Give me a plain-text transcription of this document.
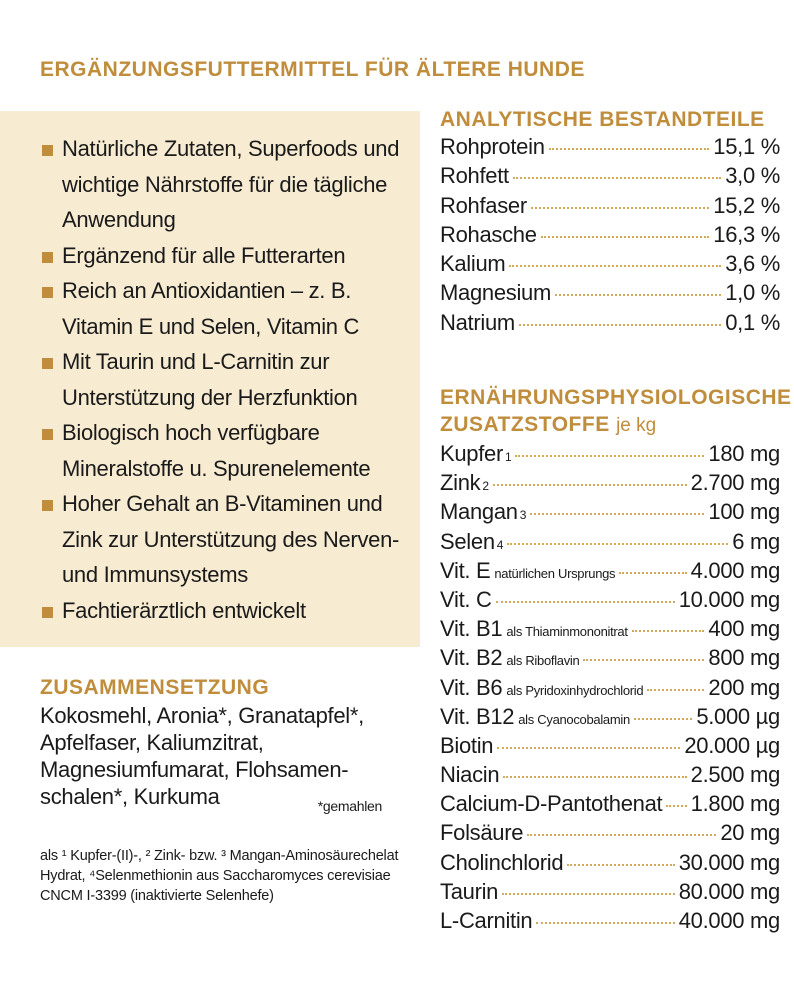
ERGÄNZUNGSFUTTERMITTEL FÜR ÄLTERE HUNDE
Natürliche Zutaten, Superfoods und wichtige Nährstoffe für die tägliche Anwendung
Ergänzend für alle Futterarten
Reich an Antioxidantien – z. B. Vitamin E und Selen, Vitamin C
Mit Taurin und L-Carnitin zur Unterstützung der Herzfunktion
Biologisch hoch verfügbare Mineralstoffe u. Spurenelemente
Hoher Gehalt an B-Vitaminen und Zink zur Unterstützung des Nerven- und Immunsystems
Fachtierärztlich entwickelt
ZUSAMMENSETZUNG
Kokosmehl, Aronia*, Granatapfel*, Apfelfaser, Kaliumzitrat, Magnesiumfumarat, Flohsamenschalen*, Kurkuma	*gemahlen
als ¹ Kupfer-(II)-, ² Zink- bzw. ³ Mangan-Aminosäurechelat Hydrat, ⁴Selenmethionin aus Saccharomyces cerevisiae CNCM I-3399 (inaktivierte Selenhefe)
ANALYTISCHE BESTANDTEILE
Rohprotein	15,1 %
Rohfett	3,0 %
Rohfaser	15,2 %
Rohasche	16,3 %
Kalium	3,6 %
Magnesium	1,0 %
Natrium	0,1 %
ERNÄHRUNGSPHYSIOLOGISCHE
ZUSATZSTOFFE je kg
Kupfer 1	180 mg
Zink 2	2.700 mg
Mangan 3	100 mg
Selen 4	6 mg
Vit. E natürlichen Ursprungs	4.000 mg
Vit. C	10.000 mg
Vit. B1 als Thiaminmononitrat	400 mg
Vit. B2 als Riboflavin	800 mg
Vit. B6 als Pyridoxinhydrochlorid	200 mg
Vit. B12 als Cyanocobalamin	5.000 µg
Biotin	20.000 µg
Niacin	2.500 mg
Calcium-D-Pantothenat 1.800 mg
Folsäure	20 mg
Cholinchlorid	30.000 mg
Taurin	80.000 mg
L-Carnitin	40.000 mg
